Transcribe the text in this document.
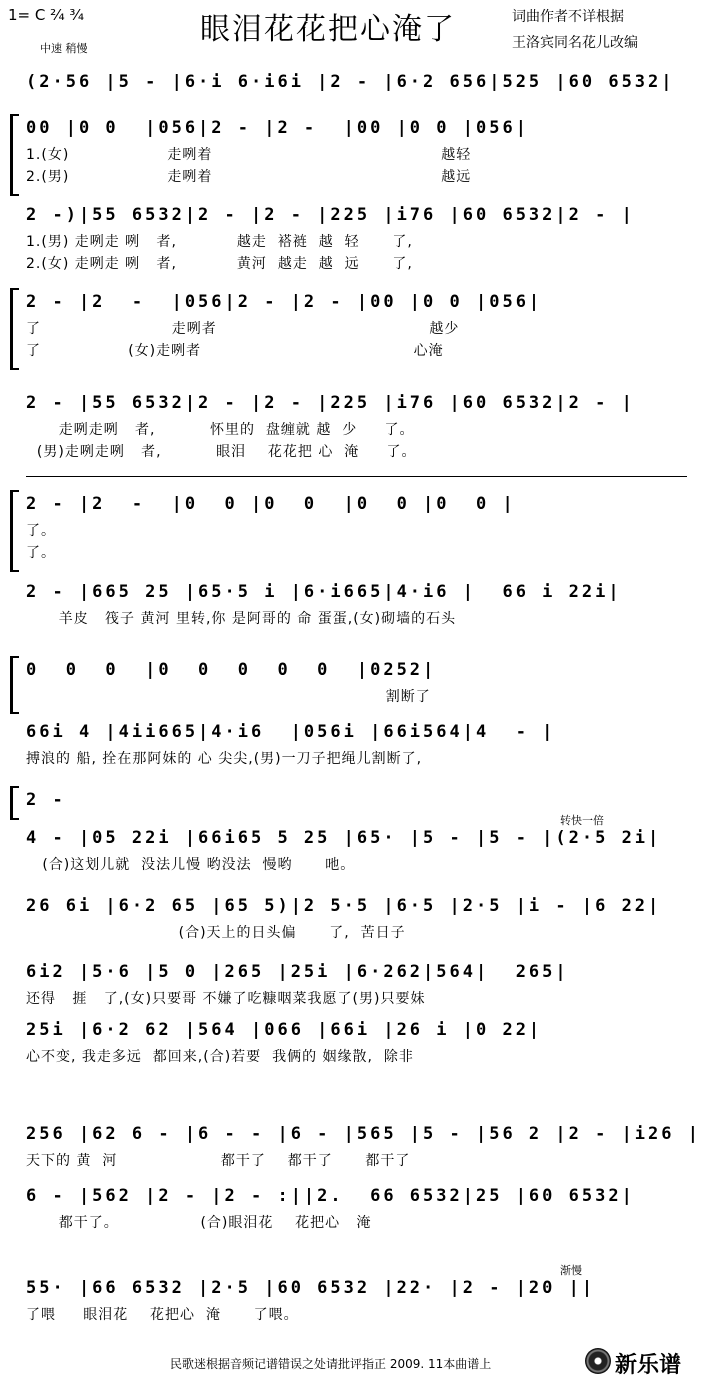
1= C ²⁄₄ ³⁄₄
中速 稍慢
眼泪花花把心淹了	词曲作者不详根据
王洛宾同名花儿改编
(2·56 |5 - |6·i 6·i6i |2 - |6·2 656|525 |60 6532|
00 |0 0  |056|2 - |2 -  |00 |0 0 |056|
1.(女)                  走咧着                                          越轻
2.(男)                  走咧着                                          越远
2 -)|55 6532|2 - |2 - |225 |i76 |60 6532|2 - |
1.(男) 走咧走 咧   者,           越走  褡裢  越  轻      了,
2.(女) 走咧走 咧   者,           黄河  越走  越  远      了,
2 - |2  -  |056|2 - |2 - |00 |0 0 |056|
了                        走咧者                                       越少
了                (女)走咧者                                       心淹
2 - |55 6532|2 - |2 - |225 |i76 |60 6532|2 - |
走咧走咧   者,          怀里的  盘缠就 越  少     了。
(男)走咧走咧   者,          眼泪    花花把 心  淹     了。
2 - |2  -  |0  0 |0  0  |0  0 |0  0 |
了。
了。
2 - |665 25 |65·5 i |6·i665|4·i6 |  66 i 22i|
羊皮   筏子 黄河 里转,你 是阿哥的 命 蛋蛋,(女)砌墙的石头
0  0  0  |0  0  0  0  0  |0252|
割断了
66i 4 |4ii665|4·i6  |056i |66i564|4  - |
搏浪的 船, 拴在那阿妹的 心 尖尖,(男)一刀子把绳儿割断了,
2 -
4 - |05 22i |66i65 5 25 |65· |5 - |5 - |(2·5 2i|
(合)这划儿就  没法儿慢 哟没法  慢哟      吔。
转快一倍
26 6i |6·2 65 |65 5)|2 5·5 |6·5 |2·5 |i - |6 22|
(合)天上的日头偏      了,  苦日子
6i2 |5·6 |5 0 |265 |25i |6·262|564|  265|
还得   捱   了,(女)只要哥 不嫌了吃糠咽菜我愿了(男)只要妹
25i |6·2 62 |564 |066 |66i |26 i |0 22|
心不变, 我走多远  都回来,(合)若要  我俩的 姻缘散,  除非
256 |62 6 - |6 - - |6 - |565 |5 - |56 2 |2 - |i26 |
天下的 黄  河                   都干了    都干了      都干了
6 - |562 |2 - |2 - :||2.  66 6532|25 |60 6532|
都干了。               (合)眼泪花    花把心   淹
55· |66 6532 |2·5 |60 6532 |22· |2 - |20 ||
了喂     眼泪花    花把心  淹      了喂。
渐慢
民歌迷根据音频记谱错误之处请批评指正 2009. 11本曲谱上	新乐谱
